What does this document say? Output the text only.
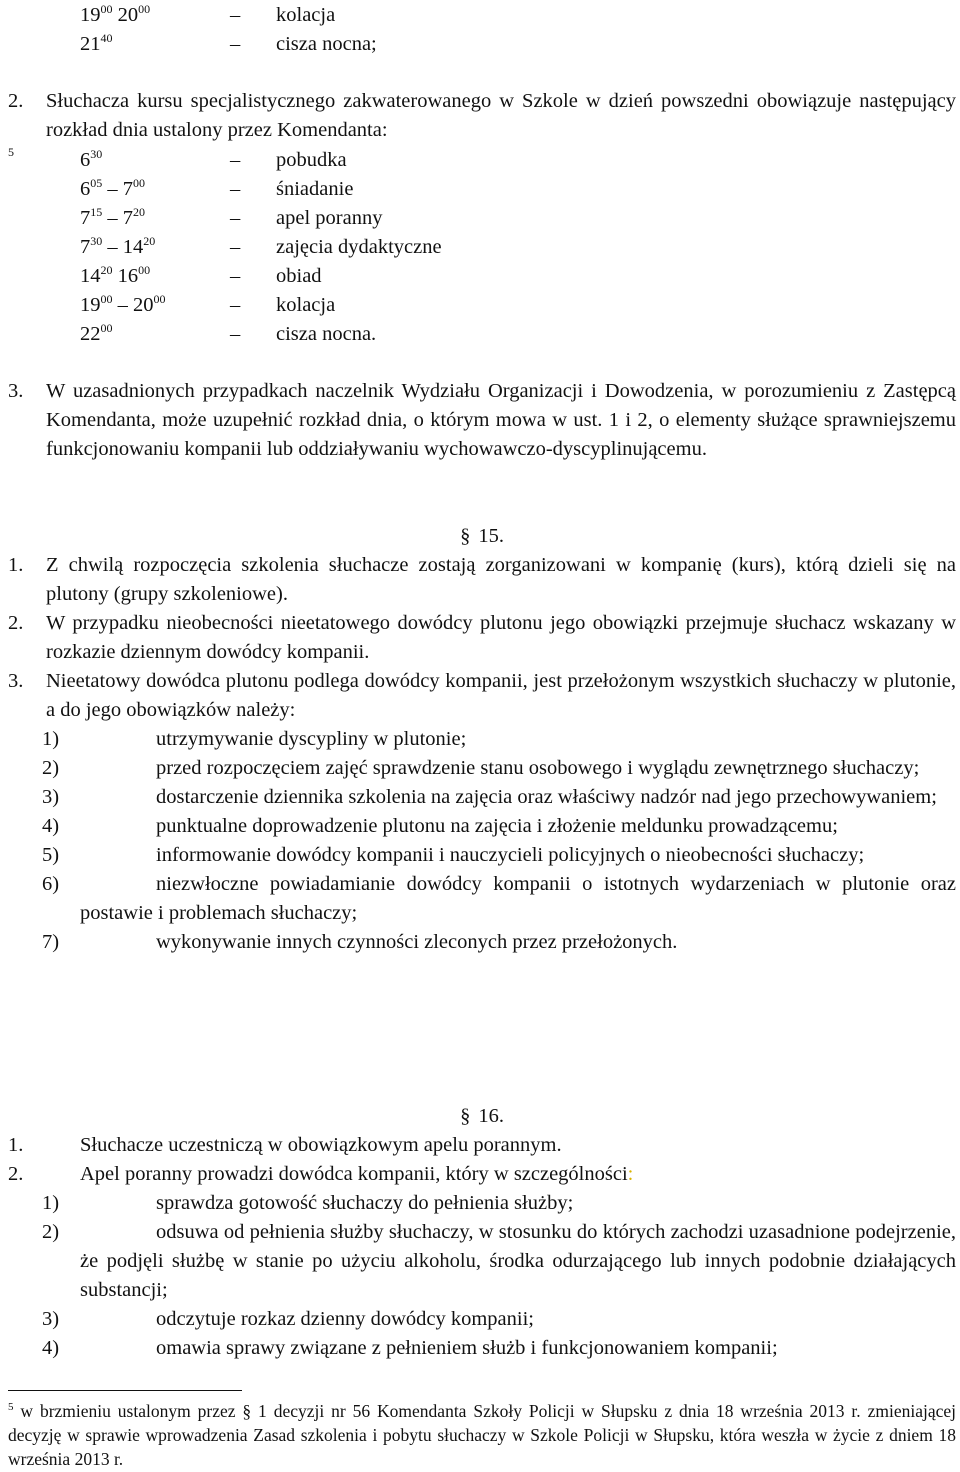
$19^{00}$ $20^{00}$	– kolacja
$21^{40}$	– cisza nocna;
2. Słuchacza kursu specjalistycznego zakwaterowanego w Szkole w dzień powszedni obowiązuje następujący rozkład dnia ustalony przez Komendanta:
5	$6^{30}$	– pobudka
$6^{05} - 7^{00}$	– śniadanie
$7^{15} - 7^{20}$	– apel poranny
$7^{30} - 14^{20}$	– zajęcia dydaktyczne
$14^{20}$ $16^{00}$	– obiad
$19^{00} - 20^{00}$	– kolacja
$22^{00}$	– cisza nocna.
3. W uzasadnionych przypadkach naczelnik Wydziału Organizacji i Dowodzenia, w porozumieniu z Zastępcą Komendanta, może uzupełnić rozkład dnia, o którym mowa w ust. 1 i 2, o elementy służące sprawniejszemu funkcjonowaniu kompanii lub oddziaływaniu wychowawczo-dyscyplinującemu.
§ 15.
1. Z chwilą rozpoczęcia szkolenia słuchacze zostają zorganizowani w kompanię (kurs), którą dzieli się na plutony (grupy szkoleniowe).
2. W przypadku nieobecności nieetatowego dowódcy plutonu jego obowiązki przejmuje słuchacz wskazany w rozkazie dziennym dowódcy kompanii.
3. Nieetatowy dowódca plutonu podlega dowódcy kompanii, jest przełożonym wszystkich słuchaczy w plutonie, a do jego obowiązków należy:
1)	utrzymywanie dyscypliny w plutonie;
2)	przed rozpoczęciem zajęć sprawdzenie stanu osobowego i wyglądu zewnętrznego słuchaczy;
3)	dostarczenie dziennika szkolenia na zajęcia oraz właściwy nadzór nad jego przechowywaniem;
4)	punktualne doprowadzenie plutonu na zajęcia i złożenie meldunku prowadzącemu;
5)	informowanie dowódcy kompanii i nauczycieli policyjnych o nieobecności słuchaczy;
6)	niezwłoczne powiadamianie dowódcy kompanii o istotnych wydarzeniach w plutonie oraz postawie i problemach słuchaczy;
7)	wykonywanie innych czynności zleconych przez przełożonych.
§ 16.
1.	Słuchacze uczestniczą w obowiązkowym apelu porannym.
2.	Apel poranny prowadzi dowódca kompanii, który w szczególności:
1)	sprawdza gotowość słuchaczy do pełnienia służby;
2)	odsuwa od pełnienia służby słuchaczy, w stosunku do których zachodzi uzasadnione podejrzenie, że podjęli służbę w stanie po użyciu alkoholu, środka odurzającego lub innych podobnie działających substancji;
3)	odczytuje rozkaz dzienny dowódcy kompanii;
4)	omawia sprawy związane z pełnieniem służb i funkcjonowaniem kompanii;
$^5$ w brzmieniu ustalonym przez § 1 decyzji nr 56 Komendanta Szkoły Policji w Słupsku z dnia 18 września 2013 r. zmieniającej decyzję w sprawie wprowadzenia Zasad szkolenia i pobytu słuchaczy w Szkole Policji w Słupsku, która weszła w życie z dniem 18 września 2013 r.
